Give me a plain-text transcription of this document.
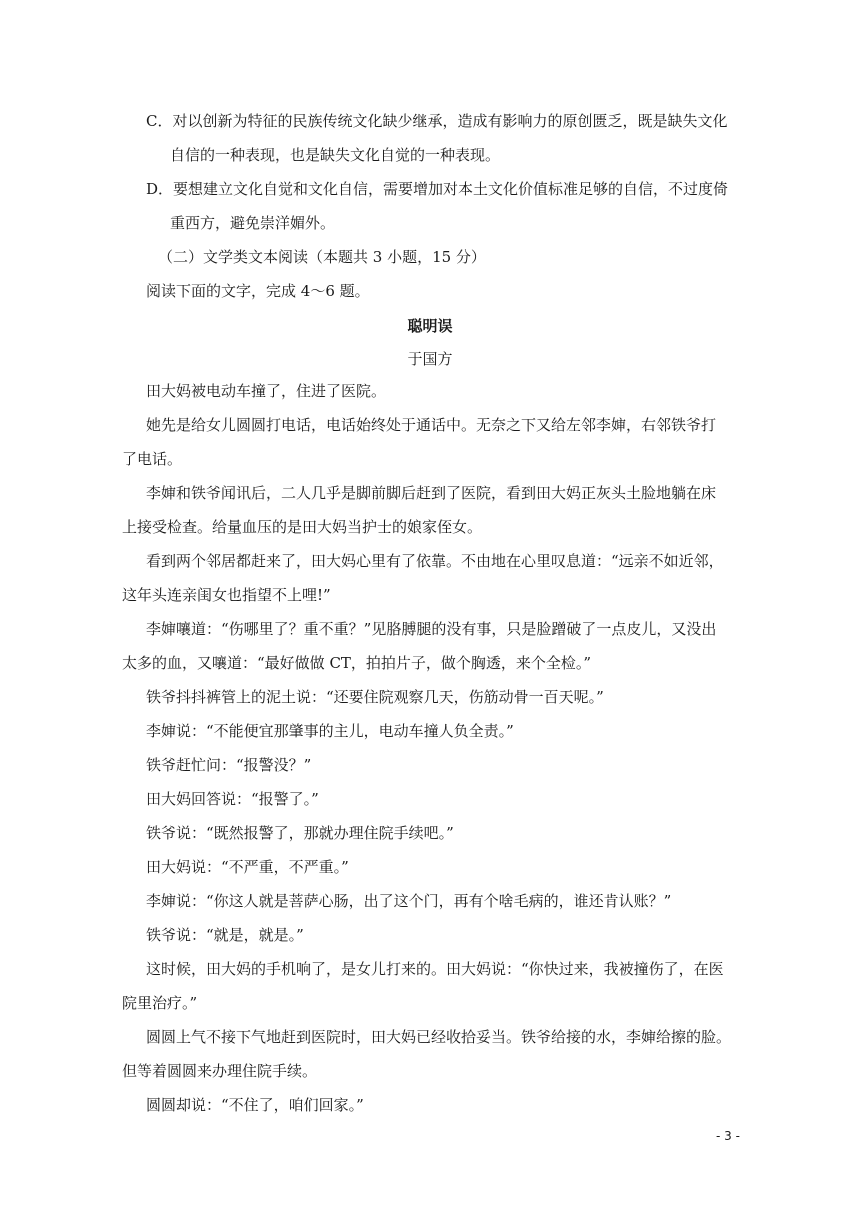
C．对以创新为特征的民族传统文化缺少继承，造成有影响力的原创匮乏，既是缺失文化
自信的一种表现，也是缺失文化自觉的一种表现。
D．要想建立文化自觉和文化自信，需要增加对本土文化价值标准足够的自信，不过度倚
重西方，避免崇洋媚外。
（二）文学类文本阅读（本题共 3 小题，15 分）
阅读下面的文字，完成 4～6 题。
聪明误
于国方
田大妈被电动车撞了，住进了医院。
她先是给女儿圆圆打电话，电话始终处于通话中。无奈之下又给左邻李婶，右邻铁爷打
了电话。
李婶和铁爷闻讯后，二人几乎是脚前脚后赶到了医院，看到田大妈正灰头土脸地躺在床
上接受检查。给量血压的是田大妈当护士的娘家侄女。
看到两个邻居都赶来了，田大妈心里有了依靠。不由地在心里叹息道：“远亲不如近邻，
这年头连亲闺女也指望不上哩!”
李婶嚷道：“伤哪里了？重不重？”见胳膊腿的没有事，只是脸蹭破了一点皮儿，又没出
太多的血，又嚷道：“最好做做 CT，拍拍片子，做个胸透，来个全检。”
铁爷抖抖裤管上的泥土说：“还要住院观察几天，伤筋动骨一百天呢。”
李婶说：“不能便宜那肇事的主儿，电动车撞人负全责。”
铁爷赶忙问：“报警没？”
田大妈回答说：“报警了。”
铁爷说：“既然报警了，那就办理住院手续吧。”
田大妈说：“不严重，不严重。”
李婶说：“你这人就是菩萨心肠，出了这个门，再有个啥毛病的，谁还肯认账？”
铁爷说：“就是，就是。”
这时候，田大妈的手机响了，是女儿打来的。田大妈说：“你快过来，我被撞伤了，在医
院里治疗。”
圆圆上气不接下气地赶到医院时，田大妈已经收拾妥当。铁爷给接的水，李婶给擦的脸。
但等着圆圆来办理住院手续。
圆圆却说：“不住了，咱们回家。”
- 3 -
